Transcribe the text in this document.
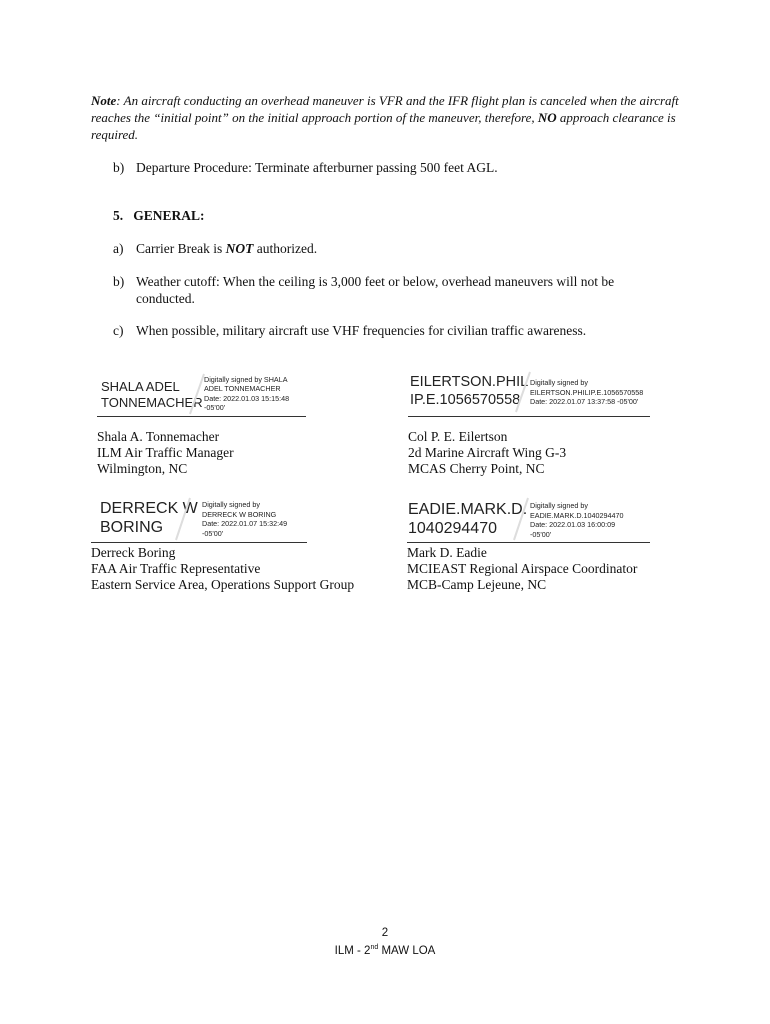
Note: An aircraft conducting an overhead maneuver is VFR and the IFR flight plan is canceled when the aircraft reaches the “initial point” on the initial approach portion of the maneuver, therefore, NO approach clearance is required.
b) Departure Procedure: Terminate afterburner passing 500 feet AGL.
5.   GENERAL:
a) Carrier Break is NOT authorized.
b) Weather cutoff: When the ceiling is 3,000 feet or below, overhead maneuvers will not be conducted.
c) When possible, military aircraft use VHF frequencies for civilian traffic awareness.
SHALA ADEL
TONNEMACHER
Digitally signed by SHALA
ADEL TONNEMACHER
Date: 2022.01.03 15:15:48
-05'00'
Shala A. Tonnemacher
ILM Air Traffic Manager
Wilmington, NC
EILERTSON.PHIL
IP.E.1056570558
Digitally signed by
EILERTSON.PHILIP.E.1056570558
Date: 2022.01.07 13:37:58 -05'00'
Col P. E. Eilertson
2d Marine Aircraft Wing G-3
MCAS Cherry Point, NC
DERRECK W
BORING
Digitally signed by
DERRECK W BORING
Date: 2022.01.07 15:32:49
-05'00'
Derreck Boring
FAA Air Traffic Representative
Eastern Service Area, Operations Support Group
EADIE.MARK.D.
1040294470
Digitally signed by
EADIE.MARK.D.1040294470
Date: 2022.01.03 16:00:09
-05'00'
Mark D. Eadie
MCIEAST Regional Airspace Coordinator
MCB-Camp Lejeune, NC
2
ILM - 2nd MAW LOA
